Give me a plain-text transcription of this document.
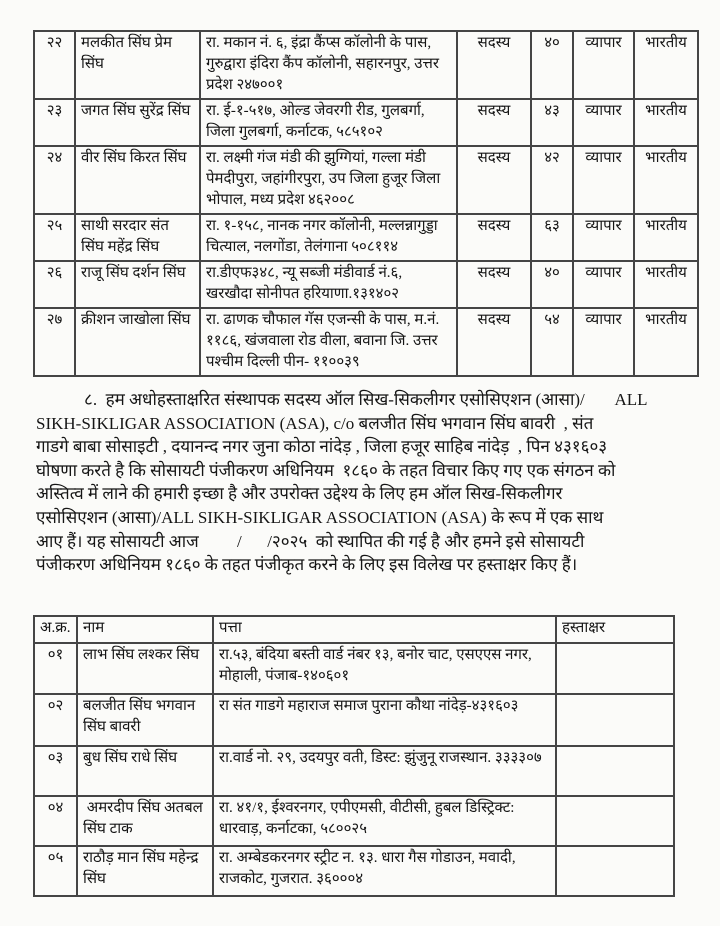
२२	मलकीत सिंघ प्रेम सिंघ	रा. मकान नं. ६, इंद्रा कैंप्स कॉलोनी के पास, गुरुद्वारा इंदिरा कैंप कॉलोनी, सहारनपुर, उत्तर प्रदेश २४७००१	सदस्य	४०	व्यापार	भारतीय
२३	जगत सिंघ सुरेंद्र सिंघ	रा. ई-१-५१७, ओल्ड जेवरगी रीड, गुलबर्गा, जिला गुलबर्गा, कर्नाटक, ५८५१०२	सदस्य	४३	व्यापार	भारतीय
२४	वीर सिंघ किरत सिंघ	रा. लक्ष्मी गंज मंडी की झुग्गियां, गल्ला मंडी पेमदीपुरा, जहांगीरपुरा, उप जिला हुजूर जिला भोपाल, मध्य प्रदेश ४६२००८	सदस्य	४२	व्यापार	भारतीय
२५	साथी सरदार संत सिंघ महेंद्र सिंघ	रा. १-१५८, नानक नगर कॉलोनी, मल्लन्नागुड्डा चित्याल, नलगोंडा, तेलंगाना ५०८११४	सदस्य	६३	व्यापार	भारतीय
२६	राजू सिंघ दर्शन सिंघ	रा.डीएफ३४८, न्यू सब्जी मंडीवार्ड नं.६, खरखौदा सोनीपत हरियाणा.१३१४०२	सदस्य	४०	व्यापार	भारतीय
२७	क्रीशन जाखोला सिंघ	रा. ढाणक चौफाल गॅस एजन्सी के पास, म.नं. ११८६, खंजवाला रोड वीला, बवाना जि. उत्तर पश्चीम दिल्ली पीन- ११००३९	सदस्य	५४	व्यापार	भारतीय
८.  हम अधोहस्ताक्षरित संस्थापक सदस्य ऑल सिख-सिकलीगर एसोसिएशन (आसा)/       ALL
SIKH-SIKLIGAR ASSOCIATION (ASA), c/o बलजीत सिंघ भगवान सिंघ बावरी  , संत
गाडगे बाबा सोसाइटी , दयानन्द नगर जुना कोठा नांदेड़ , जिला हजूर साहिब नांदेड़  , पिन ४३१६०३
घोषणा करते है कि सोसायटी पंजीकरण अधिनियम  १८६० के तहत विचार किए गए एक संगठन को
अस्तित्व में लाने की हमारी इच्छा है और उपरोक्त उद्देश्य के लिए हम ऑल सिख-सिकलीगर
एसोसिएशन (आसा)/ALL SIKH-SIKLIGAR ASSOCIATION (ASA) के रूप में एक साथ
आए हैं। यह सोसायटी आज         /      /२०२५  को स्थापित की गई है और हमने इसे सोसायटी
पंजीकरण अधिनियम १८६० के तहत पंजीकृत करने के लिए इस विलेख पर हस्ताक्षर किए हैं।
अ.क्र.	नाम	पत्ता	हस्ताक्षर
०१	लाभ सिंघ लश्कर सिंघ	रा.५३, बंदिया बस्ती वार्ड नंबर १३, बनोर चाट, एसएएस नगर, मोहाली, पंजाब-१४०६०१	
०२	बलजीत सिंघ भगवान सिंघ बावरी	रा संत गाडगे महाराज समाज पुराना कौथा नांदेड़-४३१६०३	
०३	बुध सिंघ राधे सिंघ	रा.वार्ड नो. २९, उदयपुर वती, डिस्ट: झुंजुनू राजस्थान. ३३३३०७	
०४	अमरदीप सिंघ अतबल सिंघ टाक	रा. ४१/१, ईश्वरनगर, एपीएमसी, वीटीसी, हुबल डिस्ट्रिक्ट: धारवाड़, कर्नाटका, ५८००२५	
०५	राठौड़ मान सिंघ महेन्द्र सिंघ	रा. अम्बेडकरनगर स्ट्रीट न. १३. धारा गैस गोडाउन, मवादी, राजकोट, गुजरात. ३६०००४	
